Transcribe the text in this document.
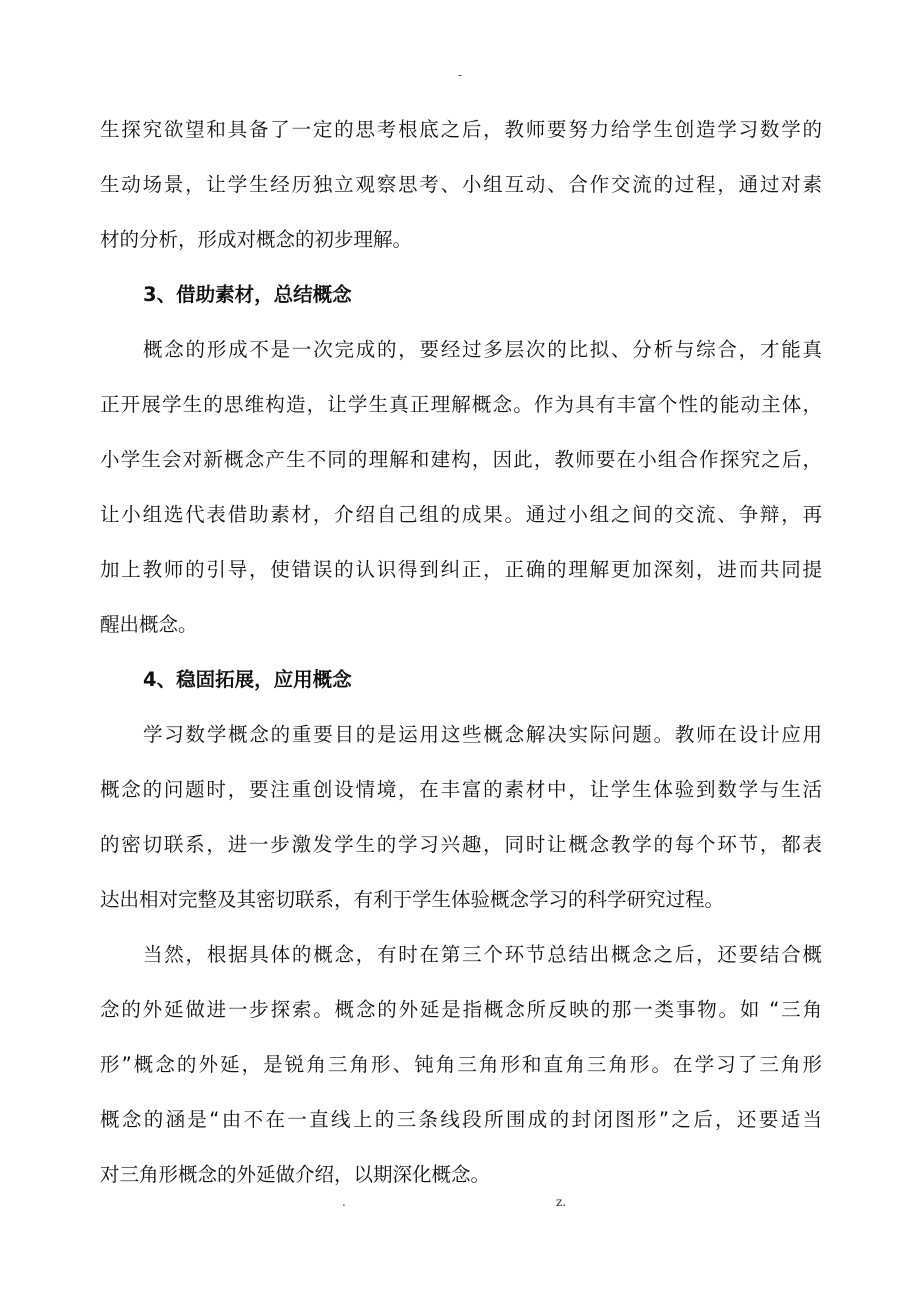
-

生探究欲望和具备了一定的思考根底之后，教师要努力给学生创造学习数学的
生动场景，让学生经历独立观察思考、小组互动、合作交流的过程，通过对素
材的分析，形成对概念的初步理解。

3、借助素材，总结概念

概念的形成不是一次完成的，要经过多层次的比拟、分析与综合，才能真
正开展学生的思维构造，让学生真正理解概念。作为具有丰富个性的能动主体，
小学生会对新概念产生不同的理解和建构，因此，教师要在小组合作探究之后，
让小组选代表借助素材，介绍自己组的成果。通过小组之间的交流、争辩，再
加上教师的引导，使错误的认识得到纠正，正确的理解更加深刻，进而共同提
醒出概念。

4、稳固拓展，应用概念

学习数学概念的重要目的是运用这些概念解决实际问题。教师在设计应用
概念的问题时，要注重创设情境，在丰富的素材中，让学生体验到数学与生活
的密切联系，进一步激发学生的学习兴趣，同时让概念教学的每个环节，都表
达出相对完整及其密切联系，有利于学生体验概念学习的科学研究过程。

当然，根据具体的概念，有时在第三个环节总结出概念之后，还要结合概
念的外延做进一步探索。概念的外延是指概念所反映的那一类事物。如 “三角
形”概念的外延，是锐角三角形、钝角三角形和直角三角形。在学习了三角形
概念的涵是“由不在一直线上的三条线段所围成的封闭图形”之后，还要适当
对三角形概念的外延做介绍，以期深化概念。

.	z.
